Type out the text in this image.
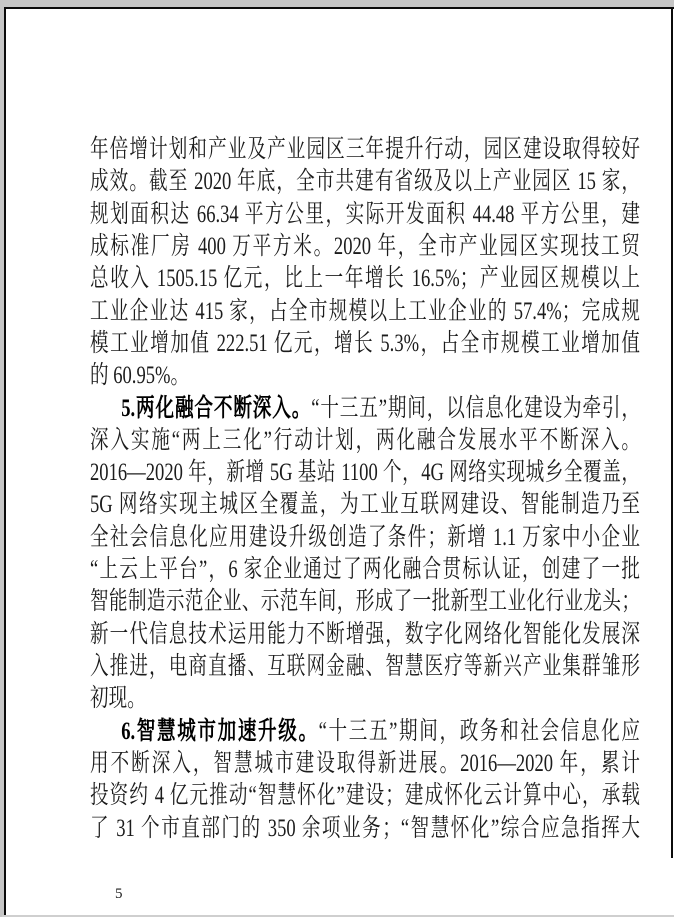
年倍增计划和产业及产业园区三年提升行动，园区建设取得较好
成效。截至 2020 年底，全市共建有省级及以上产业园区 15 家，
规划面积达 66.34 平方公里，实际开发面积 44.48 平方公里，建
成标准厂房 400 万平方米。2020 年，全市产业园区实现技工贸
总收入 1505.15 亿元，比上一年增长 16.5%；产业园区规模以上
工业企业达 415 家，占全市规模以上工业企业的 57.4%；完成规
模工业增加值 222.51 亿元，增长 5.3%，占全市规模工业增加值
的 60.95%。
5.两化融合不断深入。“十三五”期间，以信息化建设为牵引，
深入实施“两上三化”行动计划，两化融合发展水平不断深入。
2016—2020 年，新增 5G 基站 1100 个，4G 网络实现城乡全覆盖，
5G 网络实现主城区全覆盖，为工业互联网建设、智能制造乃至
全社会信息化应用建设升级创造了条件；新增 1.1 万家中小企业
“上云上平台”，6 家企业通过了两化融合贯标认证，创建了一批
智能制造示范企业、示范车间，形成了一批新型工业化行业龙头；
新一代信息技术运用能力不断增强，数字化网络化智能化发展深
入推进，电商直播、互联网金融、智慧医疗等新兴产业集群雏形
初现。
6.智慧城市加速升级。“十三五”期间，政务和社会信息化应
用不断深入，智慧城市建设取得新进展。2016—2020 年，累计
投资约 4 亿元推动“智慧怀化”建设；建成怀化云计算中心，承载
了 31 个市直部门的 350 余项业务；“智慧怀化”综合应急指挥大
5
